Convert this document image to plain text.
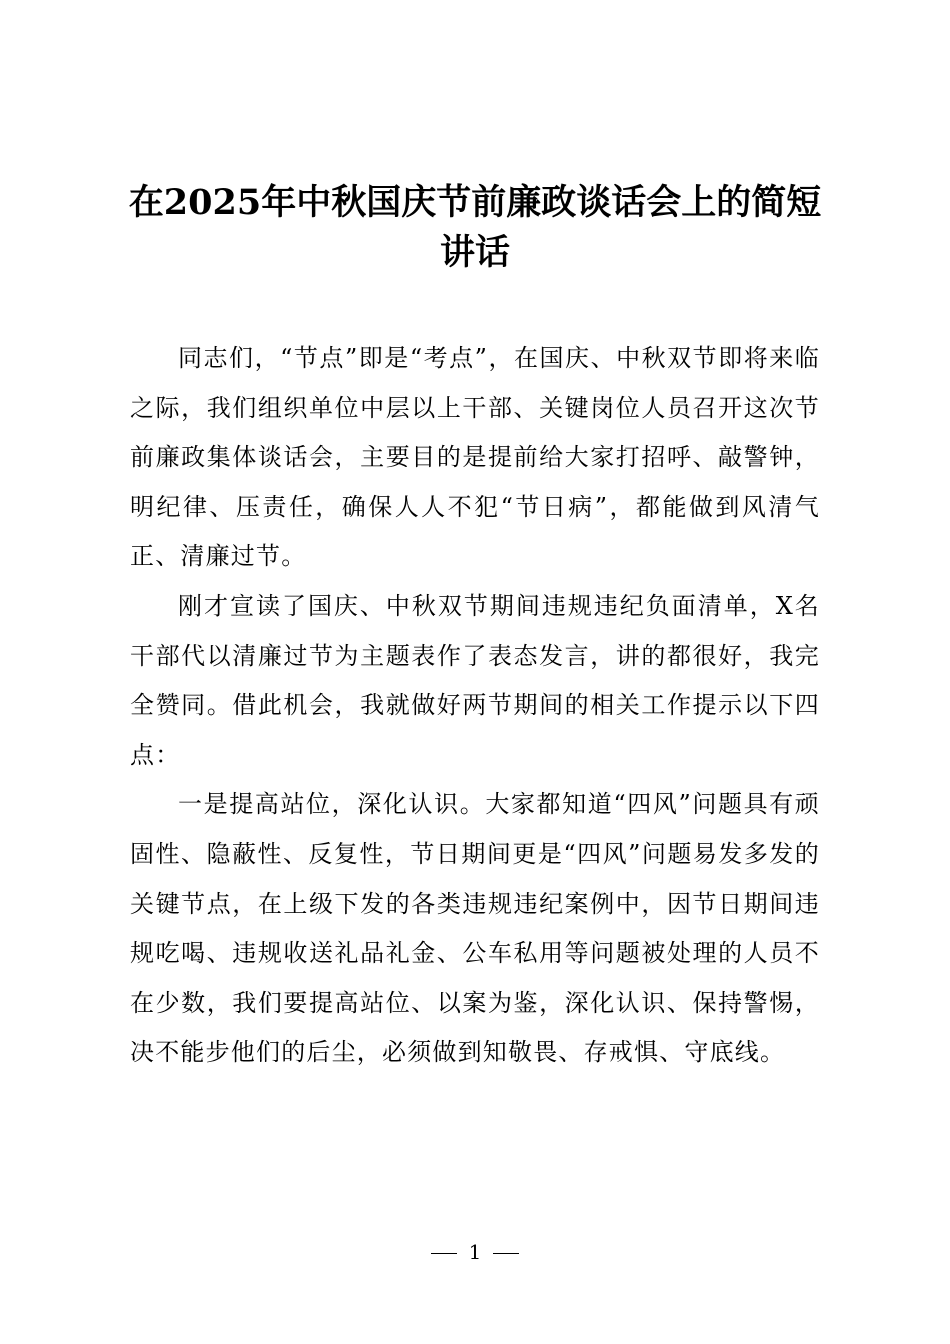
在2025年中秋国庆节前廉政谈话会上的简短
讲话

同志们，“节点”即是“考点”，在国庆、中秋双节即将来临之际，我们组织单位中层以上干部、关键岗位人员召开这次节前廉政集体谈话会，主要目的是提前给大家打招呼、敲警钟，明纪律、压责任，确保人人不犯“节日病”，都能做到风清气正、清廉过节。

刚才宣读了国庆、中秋双节期间违规违纪负面清单，X名干部代以清廉过节为主题表作了表态发言，讲的都很好，我完全赞同。借此机会，我就做好两节期间的相关工作提示以下四点：

一是提高站位，深化认识。大家都知道“四风”问题具有顽固性、隐蔽性、反复性，节日期间更是“四风”问题易发多发的关键节点，在上级下发的各类违规违纪案例中，因节日期间违规吃喝、违规收送礼品礼金、公车私用等问题被处理的人员不在少数，我们要提高站位、以案为鉴，深化认识、保持警惕，决不能步他们的后尘，必须做到知敬畏、存戒惧、守底线。

1
